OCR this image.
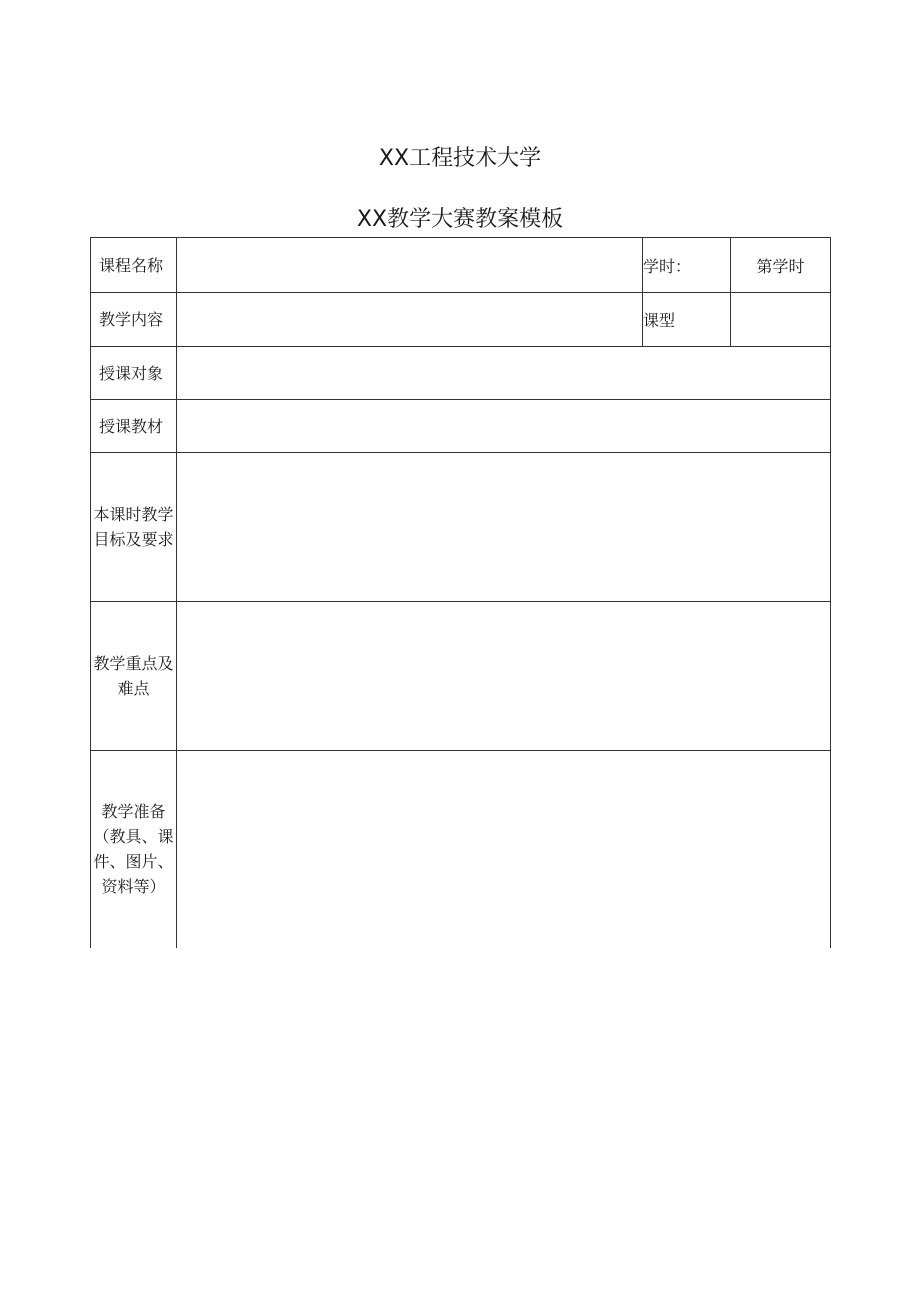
XX工程技术大学
XX教学大赛教案模板
课程名称		学时：	第学时
教学内容		课型	
授课对象			
授课教材			

本课时教学目标及要求			

教学重点及难点			

教学准备（教具、课件、图片、资料等）			
